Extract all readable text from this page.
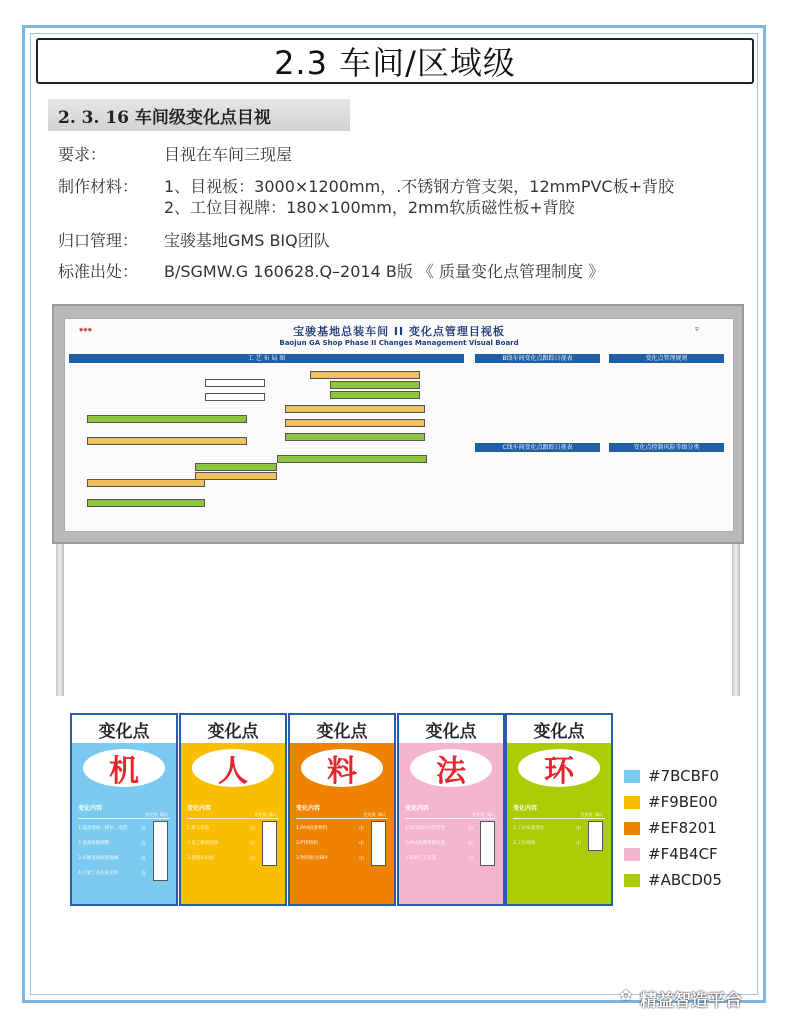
2.3 车间/区域级
2. 3. 16 车间级变化点目视
要求：	目视在车间三现屋
制作材料： 1、目视板：3000×1200mm，.不锈钢方管支架，12mmPVC板+背胶
2、工位目视牌：180×100mm，2mm软质磁性板+背胶
归口管理： 宝骏基地GMS BIQ团队
标准出处： B/SGMW.G 160628.Q–2014 B版 《 质量变化点管理制度 》
◉◉◉	⛨
宝骏基地总装车间 II 变化点管理目视板
Baojun GA Shop Phase II Changes Management Visual Board
工 艺 布 局 图	B线车间变化点跟踪日视表	变化点管理规则
C线车间变化点跟踪日视表	变化点控制风险等级分类
变化点
机
变化内容
优先级 确认
1.设备增加、移位、改造	高
2.设备参数调整	高
3.关键设备故障维修	高
4.拧紧工具校验更换	高
变化点
人
变化内容
优先级 确认
1.新人培训	中
2.员工轮岗顶岗	中
3.班组长顶岗	中
变化点
料
变化内容
优先级 确认
1.PAA批准物料	中
2.PTR物料	中
3.物料断点(BP)	中
变化点
法
变化内容
优先级 确认
1.SOS/JES内容变更	中
2.PAA短期措施实施	中
3.临时工艺实施	中
变化点
环
变化内容
优先级 确认
1.工位布置变化	中
2.工位现场	中
#7BCBF0
#F9BE00
#EF8201
#F4B4CF
#ABCD05
✿ 精益智造平台
